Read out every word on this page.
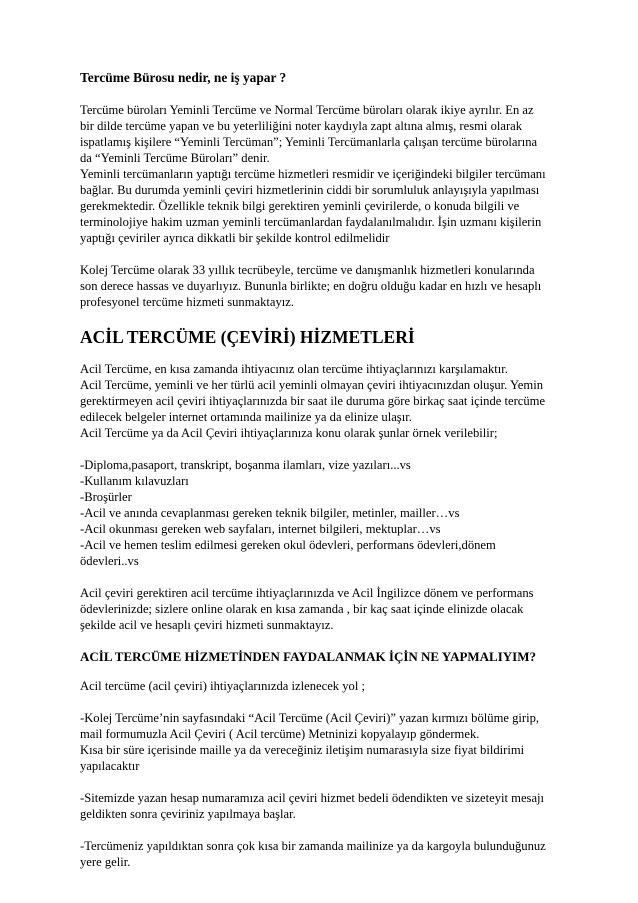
Tercüme Bürosu nedir, ne iş yapar ?

Tercüme büroları Yeminli Tercüme ve Normal Tercüme büroları olarak ikiye ayrılır. En az
bir dilde tercüme yapan ve bu yeterliliğini noter kaydıyla zapt altına almış, resmi olarak
ispatlamış kişilere “Yeminli Tercüman”; Yeminli Tercümanlarla çalışan tercüme bürolarına
da “Yeminli Tercüme Büroları” denir.
Yeminli tercümanların yaptığı tercüme hizmetleri resmidir ve içeriğindeki bilgiler tercümanı
bağlar. Bu durumda yeminli çeviri hizmetlerinin ciddi bir sorumluluk anlayışıyla yapılması
gerekmektedir. Özellikle teknik bilgi gerektiren yeminli çevirilerde, o konuda bilgili ve
terminolojiye hakim uzman yeminli tercümanlardan faydalanılmalıdır. İşin uzmanı kişilerin
yaptığı çeviriler ayrıca dikkatli bir şekilde kontrol edilmelidir

Kolej Tercüme olarak 33 yıllık tecrübeyle, tercüme ve danışmanlık hizmetleri konularında
son derece hassas ve duyarlıyız. Bununla birlikte; en doğru olduğu kadar en hızlı ve hesaplı
profesyonel tercüme hizmeti sunmaktayız.

ACİL TERCÜME (ÇEVİRİ) HİZMETLERİ

Acil Tercüme, en kısa zamanda ihtiyacınız olan tercüme ihtiyaçlarınızı karşılamaktır.
Acil Tercüme, yeminli ve her türlü acil yeminli olmayan çeviri ihtiyacınızdan oluşur. Yemin
gerektirmeyen acil çeviri ihtiyaçlarınızda bir saat ile duruma göre birkaç saat içinde tercüme
edilecek belgeler internet ortamında mailinize ya da elinize ulaşır.
Acil Tercüme ya da Acil Çeviri ihtiyaçlarınıza konu olarak şunlar örnek verilebilir;

-Diploma,pasaport, transkript, boşanma ilamları, vize yazıları...vs
-Kullanım kılavuzları
-Broşürler
-Acil ve anında cevaplanması gereken teknik bilgiler, metinler, mailler…vs
-Acil okunması gereken web sayfaları, internet bilgileri, mektuplar…vs
-Acil ve hemen teslim edilmesi gereken okul ödevleri, performans ödevleri,dönem
ödevleri..vs

Acil çeviri gerektiren acil tercüme ihtiyaçlarınızda ve Acil İngilizce dönem ve performans
ödevlerinizde; sizlere online olarak en kısa zamanda , bir kaç saat içinde elinizde olacak
şekilde acil ve hesaplı çeviri hizmeti sunmaktayız.

ACİL TERCÜME HİZMETİNDEN FAYDALANMAK İÇİN NE YAPMALIYIM?

Acil tercüme (acil çeviri) ihtiyaçlarınızda izlenecek yol ;

-Kolej Tercüme’nin sayfasındaki “Acil Tercüme (Acil Çeviri)” yazan kırmızı bölüme girip,
mail formumuzla Acil Çeviri ( Acil tercüme) Metninizi kopyalayıp göndermek.
Kısa bir süre içerisinde maille ya da vereceğiniz iletişim numarasıyla size fiyat bildirimi
yapılacaktır

-Sitemizde yazan hesap numaramıza acil çeviri hizmet bedeli ödendikten ve sizeteyit mesajı
geldikten sonra çeviriniz yapılmaya başlar.

-Tercümeniz yapıldıktan sonra çok kısa bir zamanda mailinize ya da kargoyla bulunduğunuz
yere gelir.
